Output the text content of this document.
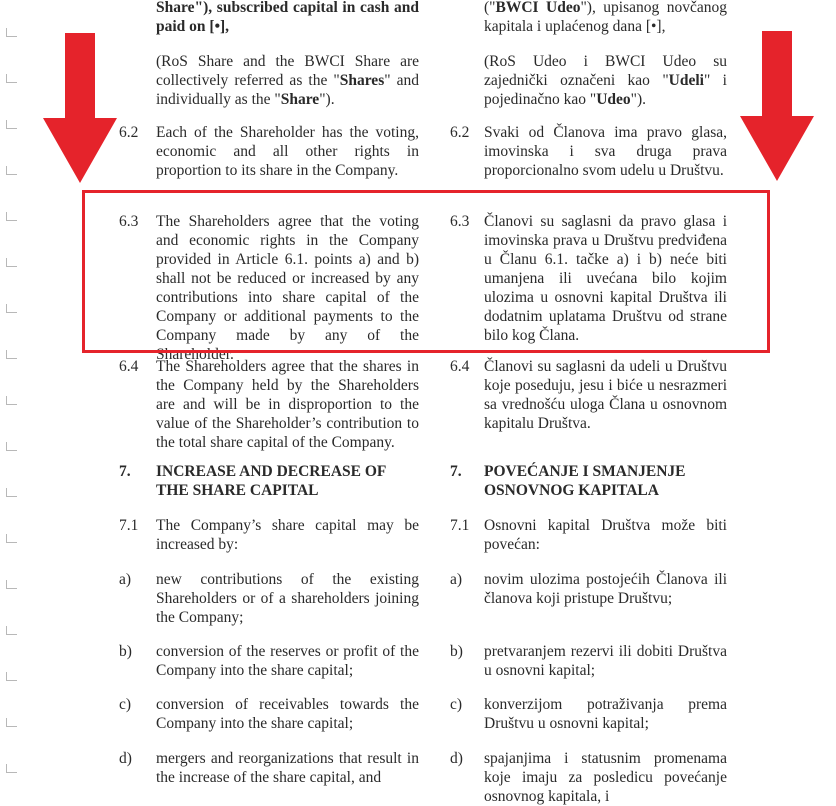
Share"), subscribed capital in cash and paid on [•],
(RoS Share and the BWCI Share are collectively referred as the "Shares" and individually as the "Share").
6.2	Each of the Shareholder has the voting, economic and all other rights in proportion to its share in the Company.
6.3	The Shareholders agree that the voting and economic rights in the Company provided in Article 6.1. points a) and b) shall not be reduced or increased by any contributions into share capital of the Company or additional payments to the Company made by any of the Shareholder.
6.4	The Shareholders agree that the shares in the Company held by the Shareholders are and will be in disproportion to the value of the Shareholder’s contribution to the total share capital of the Company.
7.	INCREASE AND DECREASE OF THE SHARE CAPITAL
7.1	The Company’s share capital may be increased by:
a)	new contributions of the existing Shareholders or of a shareholders joining the Company;
b)	conversion of the reserves or profit of the Company into the share capital;
c)	conversion of receivables towards the Company into the share capital;
d)	mergers and reorganizations that result in the increase of the share capital, and
("BWCI Udeo"), upisanog novčanog kapitala i uplaćenog dana [•],
(RoS Udeo i BWCI Udeo su zajednički označeni kao "Udeli" i pojedinačno kao "Udeo").
6.2 Svaki od Članova ima pravo glasa, imovinska i sva druga prava proporcionalno svom udelu u Društvu.
6.3 Članovi su saglasni da pravo glasa i imovinska prava u Društvu predviđena u Članu 6.1. tačke a) i b) neće biti umanjena ili uvećana bilo kojim ulozima u osnovni kapital Društva ili dodatnim uplatama Društvu od strane bilo kog Člana.
6.4 Članovi su saglasni da udeli u Društvu koje poseduju, jesu i biće u nesrazmeri sa vrednošću uloga Člana u osnovnom kapitalu Društva.
7.	POVEĆANJE I SMANJENJE OSNOVNOG KAPITALA
7.1 Osnovni kapital Društva može biti povećan:
a)	novim ulozima postojećih Članova ili članova koji pristupe Društvu;
b)	pretvaranjem rezervi ili dobiti Društva u osnovni kapital;
c)	konverzijom potraživanja prema Društvu u osnovni kapital;
d)	spajanjima i statusnim promenama koje imaju za posledicu povećanje osnovnog kapitala, i
